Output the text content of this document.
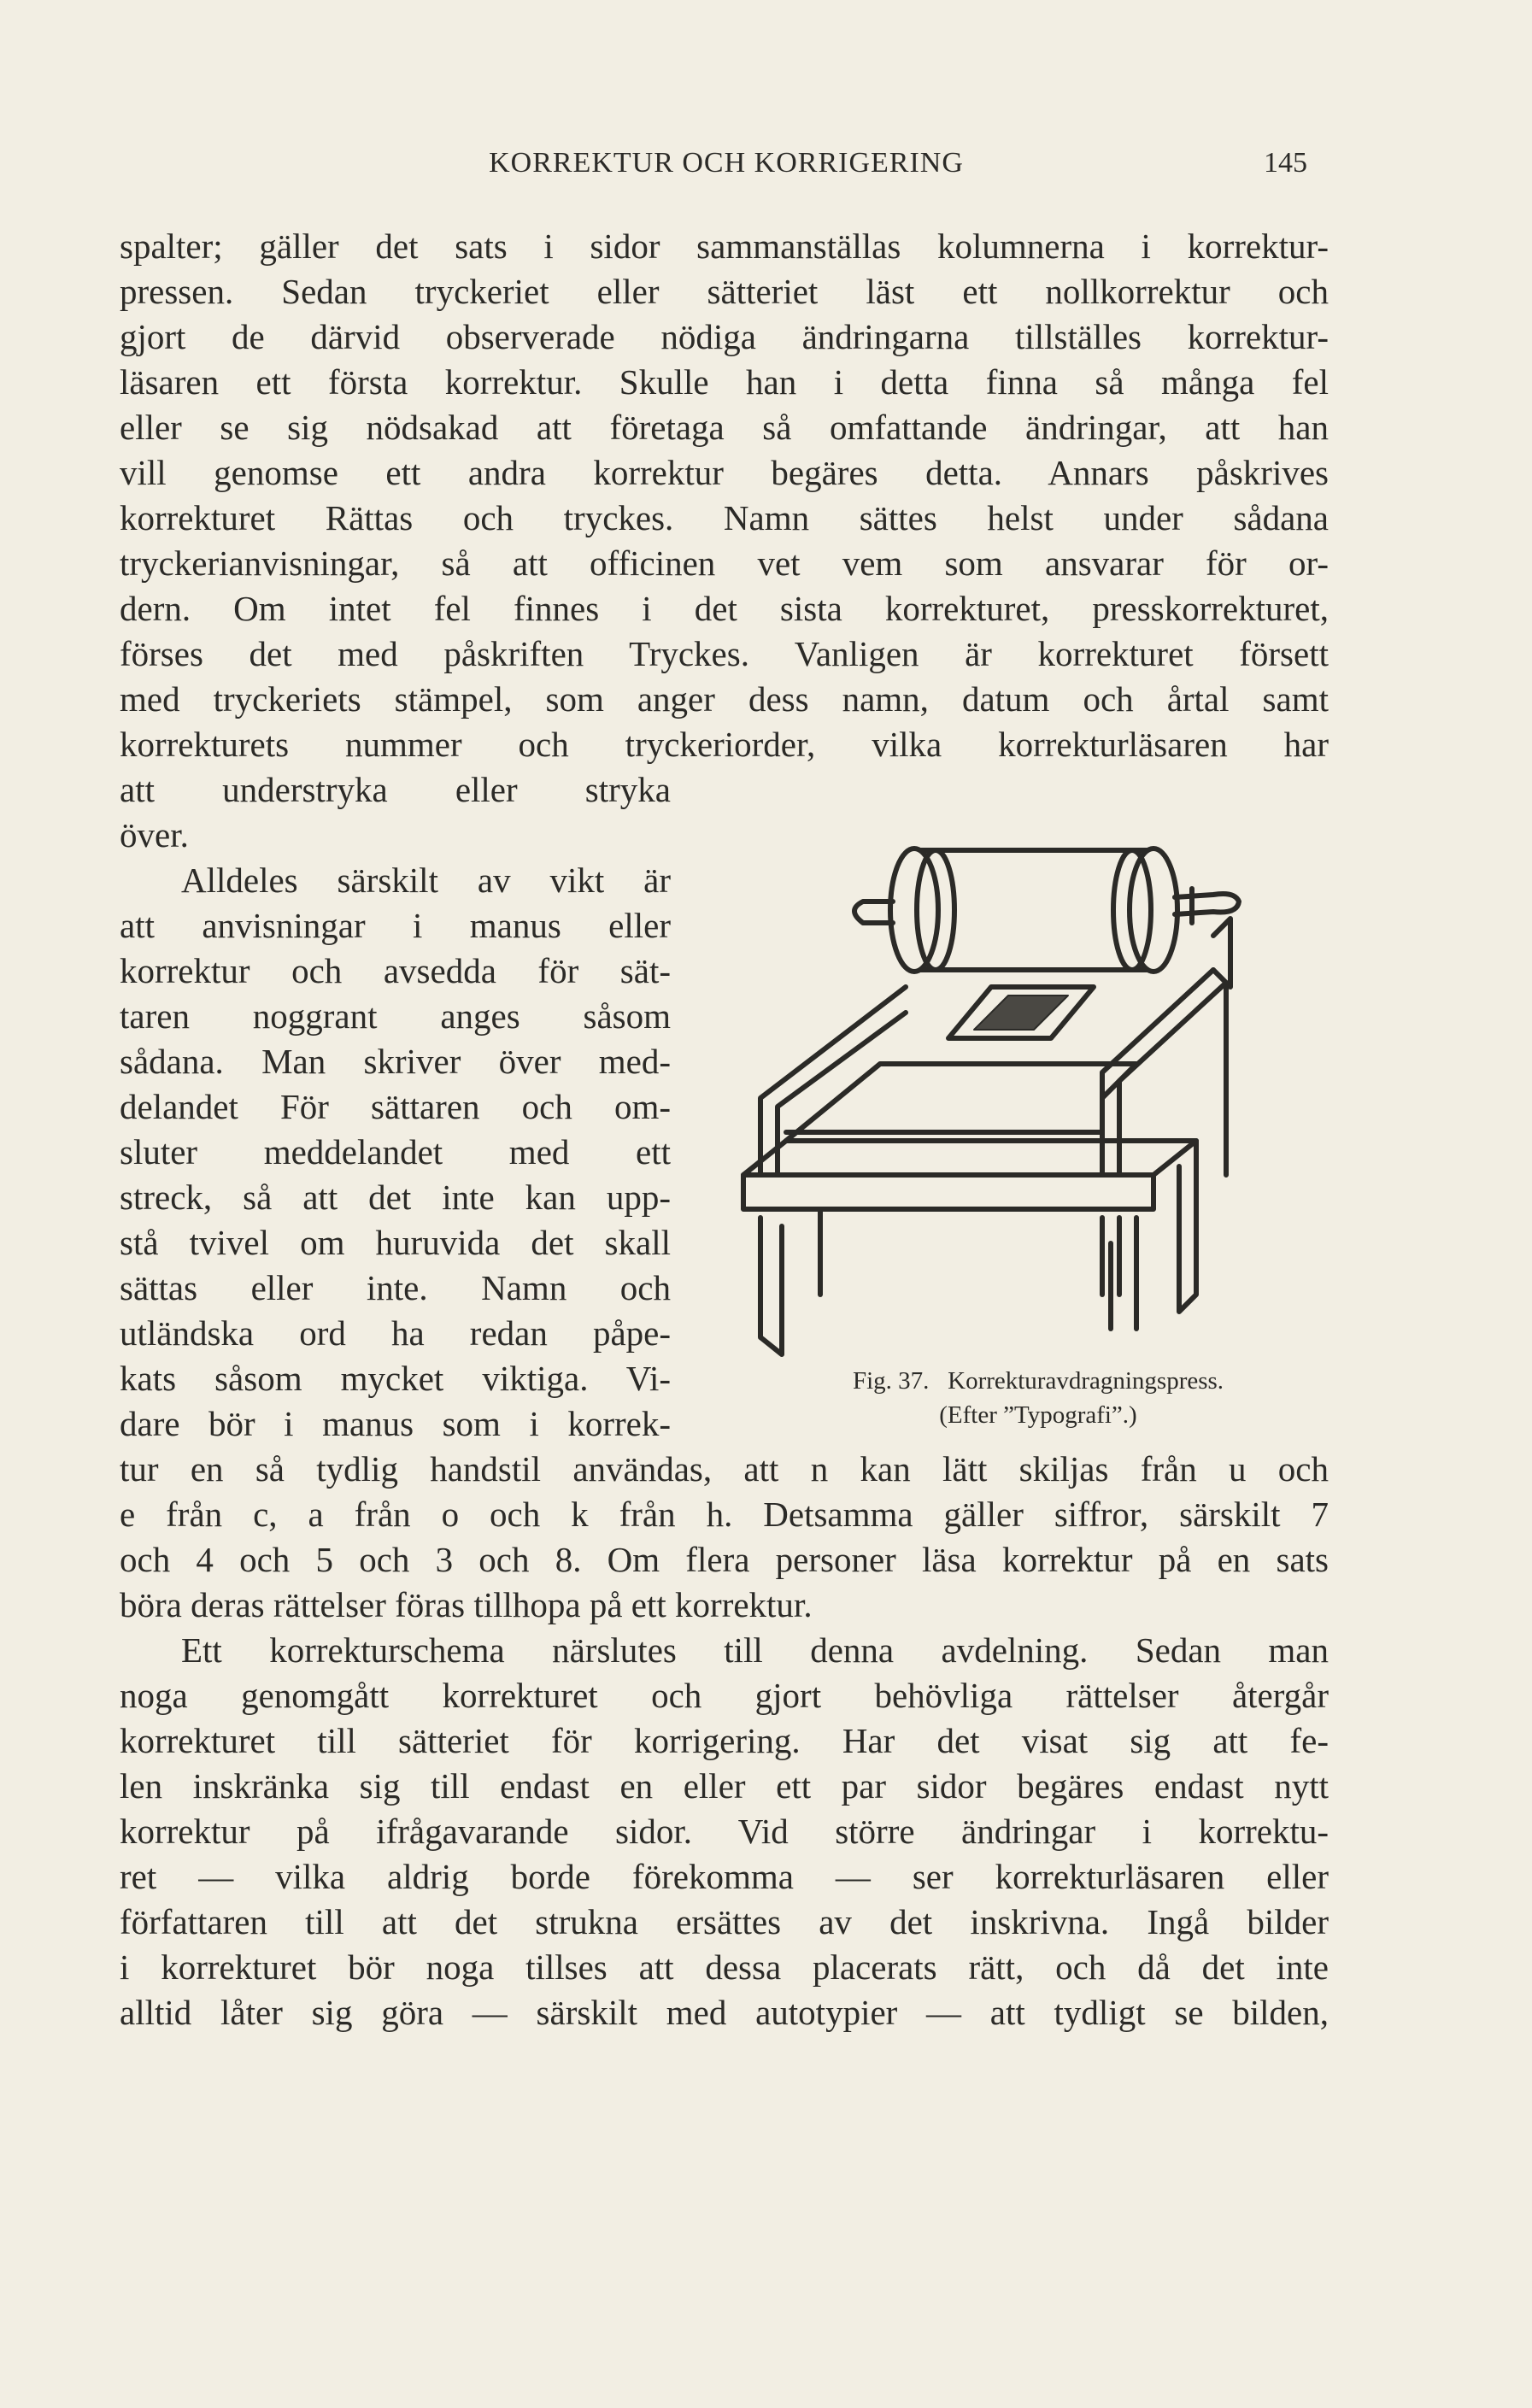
KORREKTUR OCH KORRIGERING	145
spalter; gäller det sats i sidor sammanställas kolumnerna i korrektur-
pressen. Sedan tryckeriet eller sätteriet läst ett nollkorrektur och
gjort de därvid observerade nödiga ändringarna tillställes korrektur-
läsaren ett första korrektur. Skulle han i detta finna så många fel
eller se sig nödsakad att företaga så omfattande ändringar, att han
vill genomse ett andra korrektur begäres detta. Annars påskrives
korrekturet Rättas och tryckes. Namn sättes helst under sådana
tryckerianvisningar, så att officinen vet vem som ansvarar för or-
dern. Om intet fel finnes i det sista korrekturet, presskorrekturet,
förses det med påskriften Tryckes. Vanligen är korrekturet försett
med tryckeriets stämpel, som anger dess namn, datum och årtal samt
korrekturets nummer och tryckeriorder, vilka korrekturläsaren har
att understryka eller stryka
över.
Alldeles särskilt av vikt är
att anvisningar i manus eller
korrektur och avsedda för sät-
taren noggrant anges såsom
sådana. Man skriver över med-
delandet För sättaren och om-
sluter meddelandet med ett
streck, så att det inte kan upp-
stå tvivel om huruvida det skall
sättas eller inte. Namn och
utländska ord ha redan påpe-
kats såsom mycket viktiga. Vi-
dare bör i manus som i korrek-
tur en så tydlig handstil användas, att n kan lätt skiljas från u och
e från c, a från o och k från h. Detsamma gäller siffror, särskilt 7
och 4 och 5 och 3 och 8. Om flera personer läsa korrektur på en sats
böra deras rättelser föras tillhopa på ett korrektur.
Ett korrekturschema närslutes till denna avdelning. Sedan man
noga genomgått korrekturet och gjort behövliga rättelser återgår
korrekturet till sätteriet för korrigering. Har det visat sig att fe-
len inskränka sig till endast en eller ett par sidor begäres endast nytt
korrektur på ifrågavarande sidor. Vid större ändringar i korrektu-
ret — vilka aldrig borde förekomma — ser korrekturläsaren eller
författaren till att det strukna ersättes av det inskrivna. Ingå bilder
i korrekturet bör noga tillses att dessa placerats rätt, och då det inte
alltid låter sig göra — särskilt med autotypier — att tydligt se bilden,
Fig. 37. Korrekturavdragningspress.
(Efter ”Typografi”.)
